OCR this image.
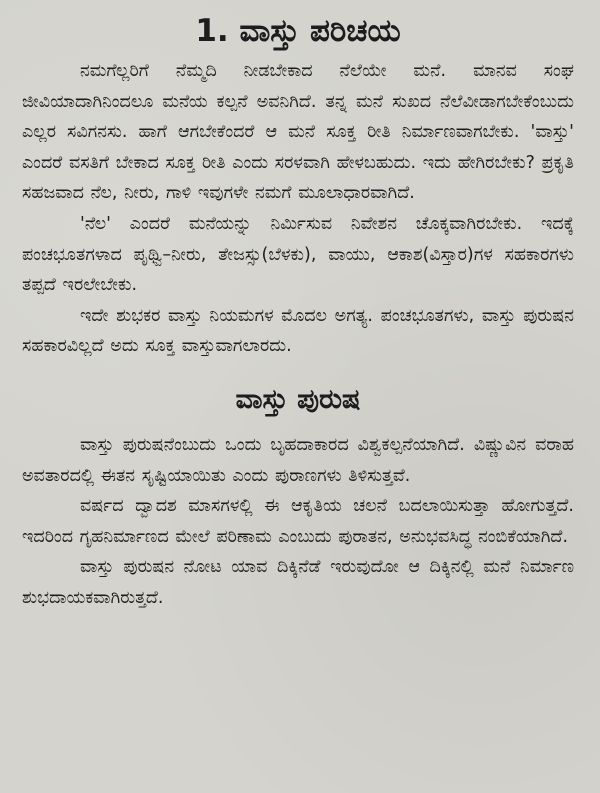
1. ವಾಸ್ತು ಪರಿಚಯ

ನಮಗೆಲ್ಲರಿಗೆ ನೆಮ್ಮದಿ ನೀಡಬೇಕಾದ ನೆಲೆಯೇ ಮನೆ. ಮಾನವ ಸಂಘ ಜೀವಿಯಾದಾಗಿನಿಂದಲೂ ಮನೆಯ ಕಲ್ಪನೆ ಅವನಿಗಿದೆ. ತನ್ನ ಮನೆ ಸುಖದ ನೆಲೆವೀಡಾಗಬೇಕೆಂಬುದು ಎಲ್ಲರ ಸವಿಗನಸು. ಹಾಗೆ ಆಗಬೇಕೆಂದರೆ ಆ ಮನೆ ಸೂಕ್ತ ರೀತಿ ನಿರ್ಮಾಣವಾಗಬೇಕು. 'ವಾಸ್ತು' ಎಂದರೆ ವಸತಿಗೆ ಬೇಕಾದ ಸೂಕ್ತ ರೀತಿ ಎಂದು ಸರಳವಾಗಿ ಹೇಳಬಹುದು. ಇದು ಹೇಗಿರಬೇಕು? ಪ್ರಕೃತಿ ಸಹಜವಾದ ನೆಲ, ನೀರು, ಗಾಳಿ ಇವುಗಳೇ ನಮಗೆ ಮೂಲಾಧಾರವಾಗಿದೆ.

'ನೆಲ' ಎಂದರೆ ಮನೆಯನ್ನು ನಿರ್ಮಿಸುವ ನಿವೇಶನ ಚೊಕ್ಕವಾಗಿರಬೇಕು. ಇದಕ್ಕೆ ಪಂಚಭೂತಗಳಾದ ಪೃಥ್ವಿ–ನೀರು, ತೇಜಸ್ಸು(ಬೆಳಕು), ವಾಯು, ಆಕಾಶ(ವಿಸ್ತಾರ)ಗಳ ಸಹಕಾರಗಳು ತಪ್ಪದೆ ಇರಲೇಬೇಕು.

ಇದೇ ಶುಭಕರ ವಾಸ್ತು ನಿಯಮಗಳ ಮೊದಲ ಅಗತ್ಯ. ಪಂಚಭೂತಗಳು, ವಾಸ್ತು ಪುರುಷನ ಸಹಕಾರವಿಲ್ಲದೆ ಅದು ಸೂಕ್ತ ವಾಸ್ತುವಾಗಲಾರದು.

ವಾಸ್ತು ಪುರುಷ

ವಾಸ್ತು ಪುರುಷನೆಂಬುದು ಒಂದು ಬೃಹದಾಕಾರದ ವಿಶ್ವಕಲ್ಪನೆಯಾಗಿದೆ. ವಿಷ್ಣುವಿನ ವರಾಹ ಅವತಾರದಲ್ಲಿ ಈತನ ಸೃಷ್ಟಿಯಾಯಿತು ಎಂದು ಪುರಾಣಗಳು ತಿಳಿಸುತ್ತವೆ.

ವರ್ಷದ ದ್ವಾದಶ ಮಾಸಗಳಲ್ಲಿ ಈ ಆಕೃತಿಯ ಚಲನೆ ಬದಲಾಯಿಸುತ್ತಾ ಹೋಗುತ್ತದೆ. ಇದರಿಂದ ಗೃಹನಿರ್ಮಾಣದ ಮೇಲೆ ಪರಿಣಾಮ ಎಂಬುದು ಪುರಾತನ, ಅನುಭವಸಿದ್ಧ ನಂಬಿಕೆಯಾಗಿದೆ.

ವಾಸ್ತು ಪುರುಷನ ನೋಟ ಯಾವ ದಿಕ್ಕಿನೆಡೆ ಇರುವುದೋ ಆ ದಿಕ್ಕಿನಲ್ಲಿ ಮನೆ ನಿರ್ಮಾಣ ಶುಭದಾಯಕವಾಗಿರುತ್ತದೆ.
